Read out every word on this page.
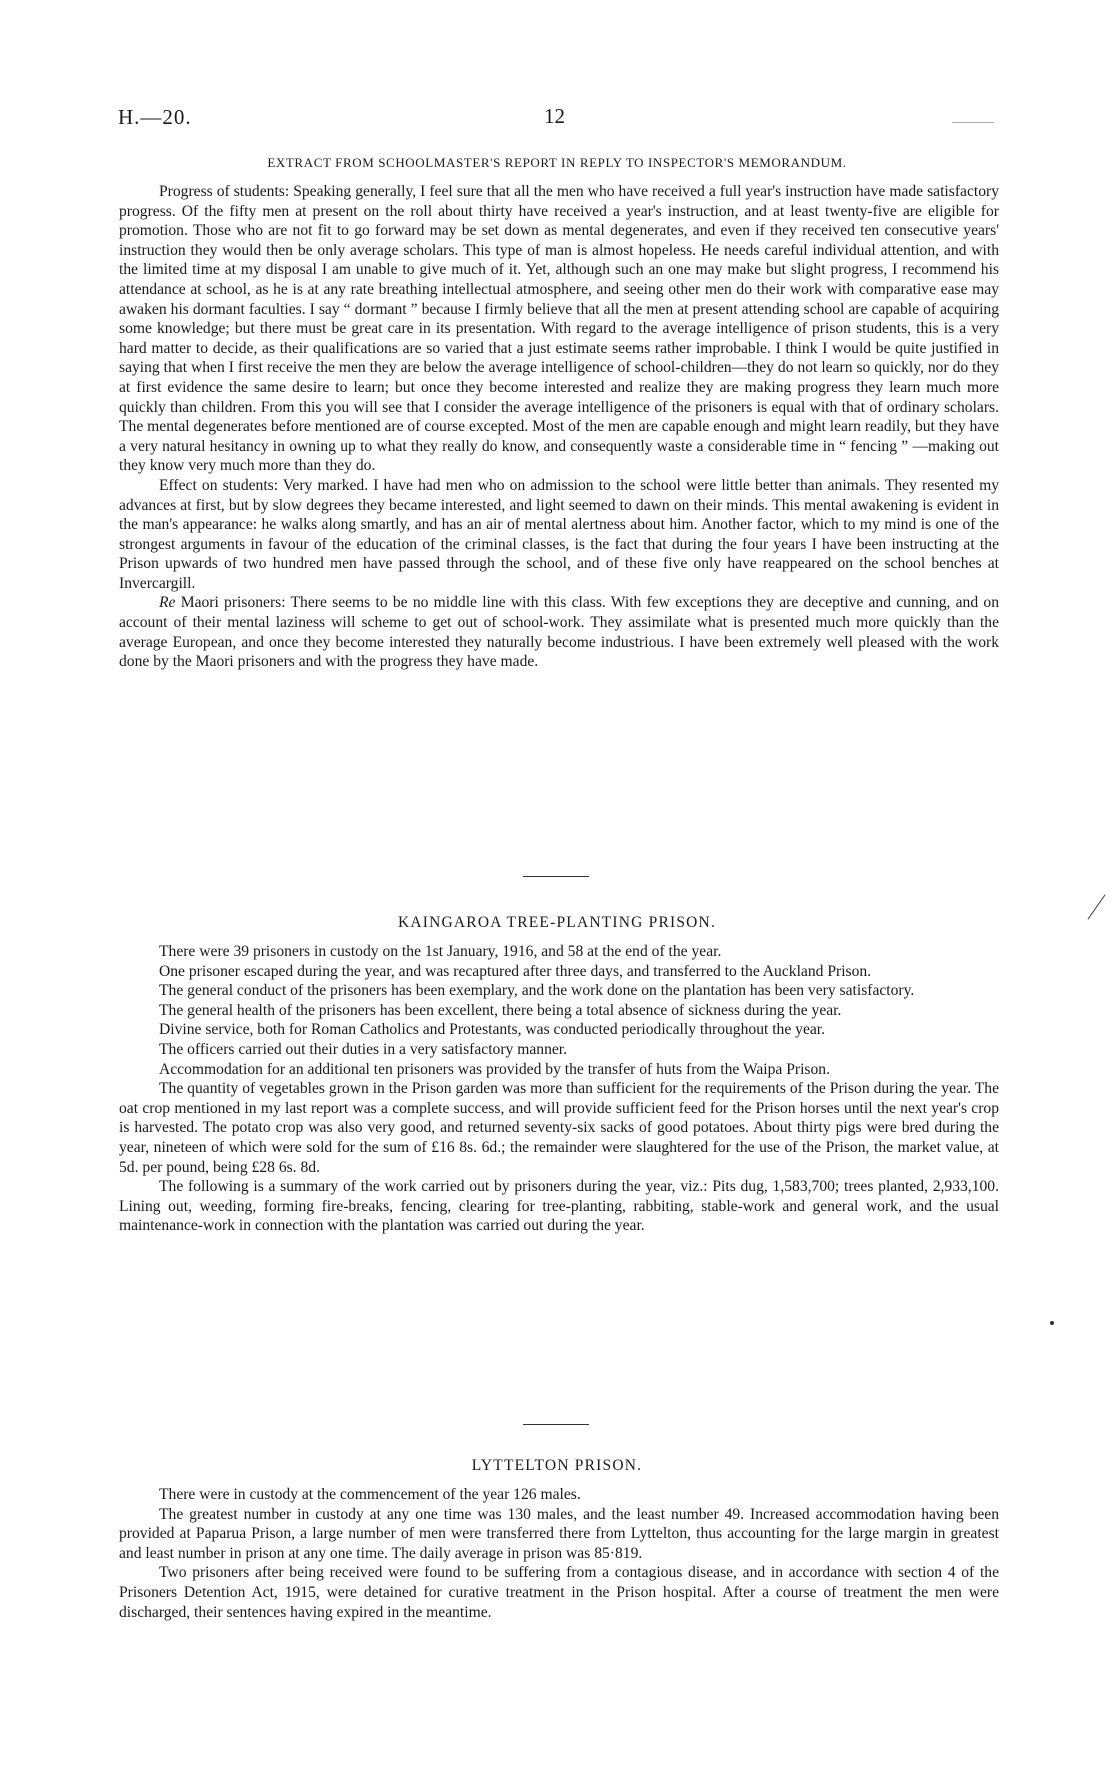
H.—20.	12
EXTRACT FROM SCHOOLMASTER'S REPORT IN REPLY TO INSPECTOR'S MEMORANDUM.

Progress of students: Speaking generally, I feel sure that all the men who have received a full year's instruction have made satisfactory progress. Of the fifty men at present on the roll about thirty have received a year's instruction, and at least twenty-five are eligible for promotion. Those who are not fit to go forward may be set down as mental degenerates, and even if they received ten consecutive years' instruction they would then be only average scholars. This type of man is almost hopeless. He needs careful individual attention, and with the limited time at my disposal I am unable to give much of it. Yet, although such an one may make but slight progress, I recommend his attendance at school, as he is at any rate breathing intellectual atmosphere, and seeing other men do their work with comparative ease may awaken his dormant faculties. I say “ dormant ” because I firmly believe that all the men at present attending school are capable of acquiring some knowledge; but there must be great care in its presentation. With regard to the average intelligence of prison students, this is a very hard matter to decide, as their qualifications are so varied that a just estimate seems rather improbable. I think I would be quite justified in saying that when I first receive the men they are below the average intelligence of school-children—they do not learn so quickly, nor do they at first evidence the same desire to learn; but once they become interested and realize they are making progress they learn much more quickly than children. From this you will see that I consider the average intelligence of the prisoners is equal with that of ordinary scholars. The mental degenerates before mentioned are of course excepted. Most of the men are capable enough and might learn readily, but they have a very natural hesitancy in owning up to what they really do know, and consequently waste a considerable time in “ fencing ” —making out they know very much more than they do.

Effect on students: Very marked. I have had men who on admission to the school were little better than animals. They resented my advances at first, but by slow degrees they became interested, and light seemed to dawn on their minds. This mental awakening is evident in the man's appearance: he walks along smartly, and has an air of mental alertness about him. Another factor, which to my mind is one of the strongest arguments in favour of the education of the criminal classes, is the fact that during the four years I have been instructing at the Prison upwards of two hundred men have passed through the school, and of these five only have reappeared on the school benches at Invercargill.

Re Maori prisoners: There seems to be no middle line with this class. With few exceptions they are deceptive and cunning, and on account of their mental laziness will scheme to get out of school-work. They assimilate what is presented much more quickly than the average European, and once they become interested they naturally become industrious. I have been extremely well pleased with the work done by the Maori prisoners and with the progress they have made.

KAINGAROA TREE-PLANTING PRISON.

There were 39 prisoners in custody on the 1st January, 1916, and 58 at the end of the year.

One prisoner escaped during the year, and was recaptured after three days, and transferred to the Auckland Prison.

The general conduct of the prisoners has been exemplary, and the work done on the plantation has been very satisfactory.

The general health of the prisoners has been excellent, there being a total absence of sickness during the year.

Divine service, both for Roman Catholics and Protestants, was conducted periodically throughout the year.

The officers carried out their duties in a very satisfactory manner.

Accommodation for an additional ten prisoners was provided by the transfer of huts from the Waipa Prison.

The quantity of vegetables grown in the Prison garden was more than sufficient for the requirements of the Prison during the year. The oat crop mentioned in my last report was a complete success, and will provide sufficient feed for the Prison horses until the next year's crop is harvested. The potato crop was also very good, and returned seventy-six sacks of good potatoes. About thirty pigs were bred during the year, nineteen of which were sold for the sum of £16 8s. 6d.; the remainder were slaughtered for the use of the Prison, the market value, at 5d. per pound, being £28 6s. 8d.

The following is a summary of the work carried out by prisoners during the year, viz.: Pits dug, 1,583,700; trees planted, 2,933,100. Lining out, weeding, forming fire-breaks, fencing, clearing for tree-planting, rabbiting, stable-work and general work, and the usual maintenance-work in connection with the plantation was carried out during the year.

LYTTELTON PRISON.

There were in custody at the commencement of the year 126 males.

The greatest number in custody at any one time was 130 males, and the least number 49. Increased accommodation having been provided at Paparua Prison, a large number of men were transferred there from Lyttelton, thus accounting for the large margin in greatest and least number in prison at any one time. The daily average in prison was 85·819.

Two prisoners after being received were found to be suffering from a contagious disease, and in accordance with section 4 of the Prisoners Detention Act, 1915, were detained for curative treatment in the Prison hospital. After a course of treatment the men were discharged, their sentences having expired in the meantime.
